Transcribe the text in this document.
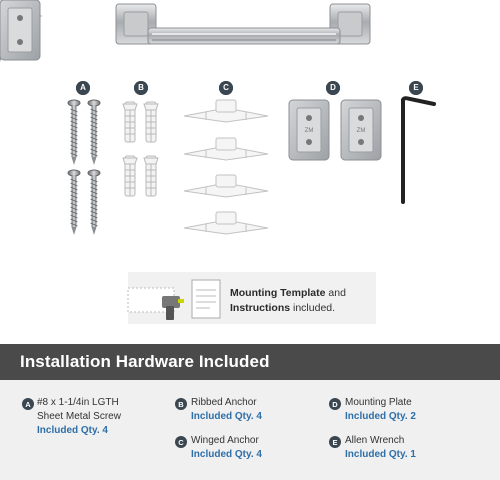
ZM	ZM
A	B	C	D	E
Mounting Template and
Instructions included.
Installation Hardware Included
A #8 x 1-1/4in LGTH
Sheet Metal Screw
Included Qty. 4
B Ribbed Anchor
Included Qty. 4
C Winged Anchor
Included Qty. 4
D Mounting Plate
Included Qty. 2
E Allen Wrench
Included Qty. 1
